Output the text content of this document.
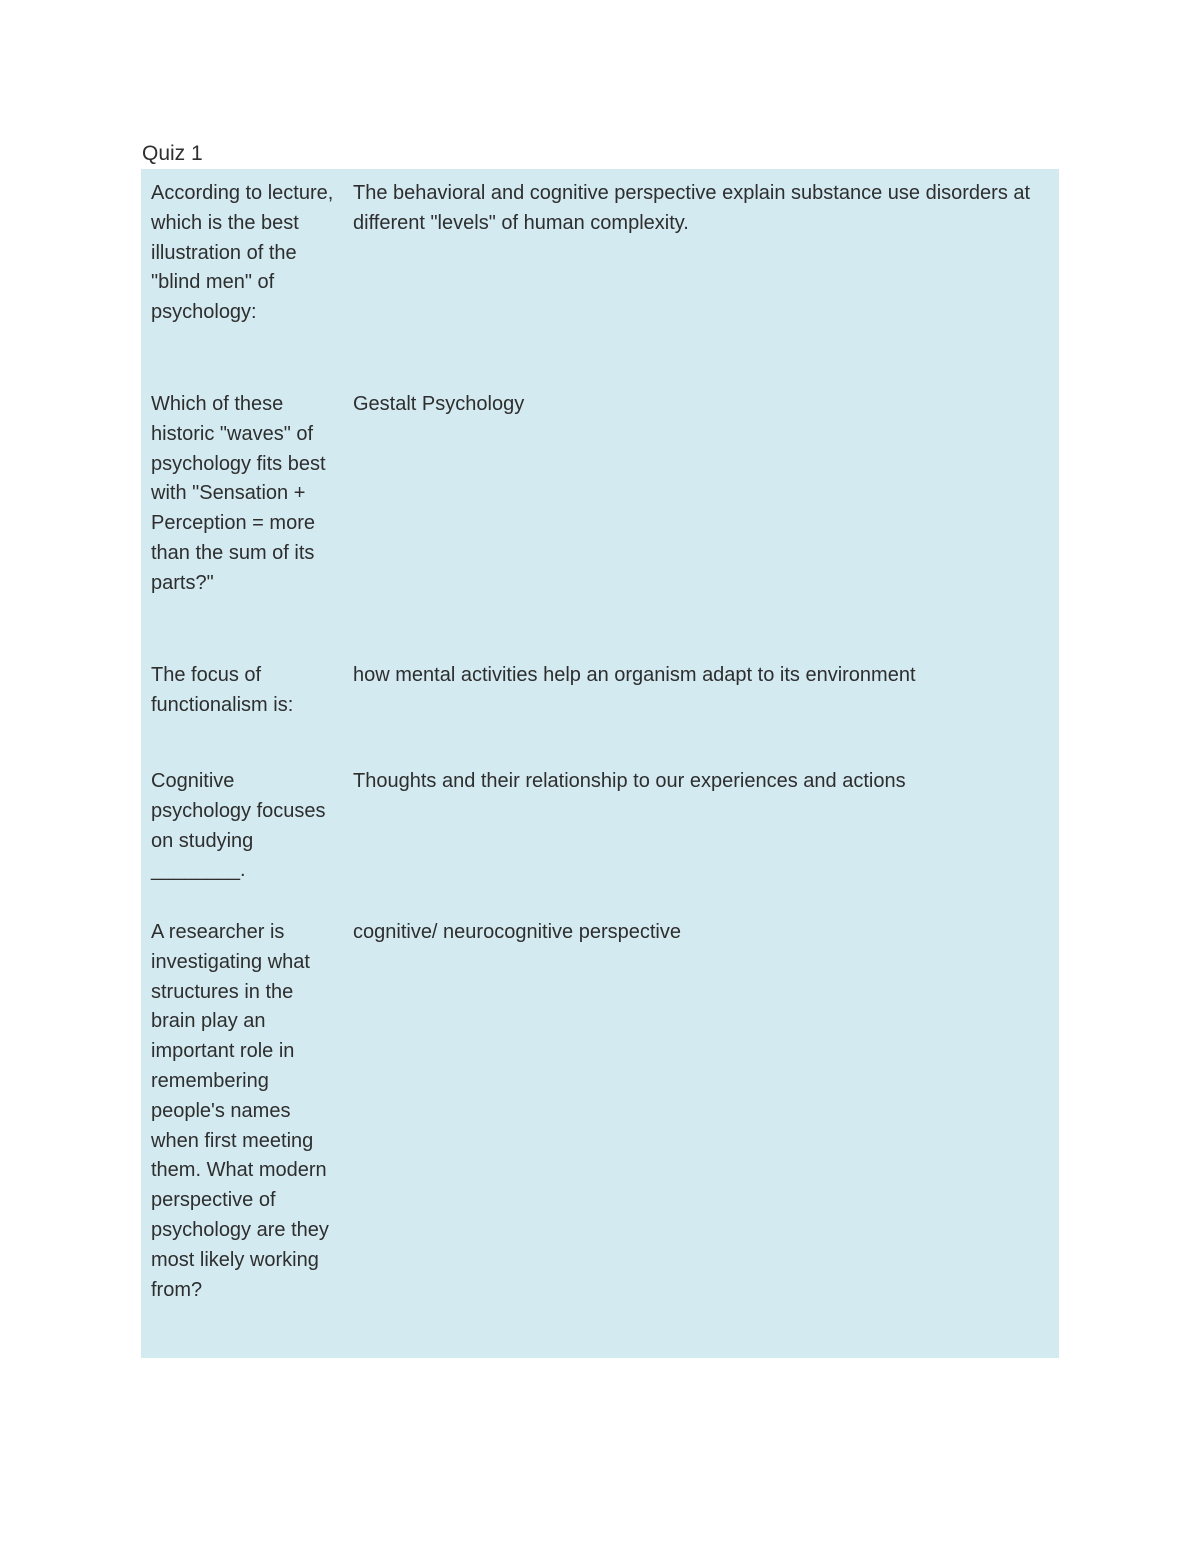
Quiz 1
According to lecture, which is the best illustration of the "blind men" of psychology:
The behavioral and cognitive perspective explain substance use disorders at different "levels" of human complexity.
Which of these historic "waves" of psychology fits best with "Sensation + Perception = more than the sum of its parts?"
Gestalt Psychology
The focus of functionalism is:
how mental activities help an organism adapt to its environment
Cognitive psychology focuses on studying ________.
Thoughts and their relationship to our experiences and actions
A researcher is investigating what structures in the brain play an important role in remembering people's names when first meeting them. What modern perspective of psychology are they most likely working from?
cognitive/ neurocognitive perspective
